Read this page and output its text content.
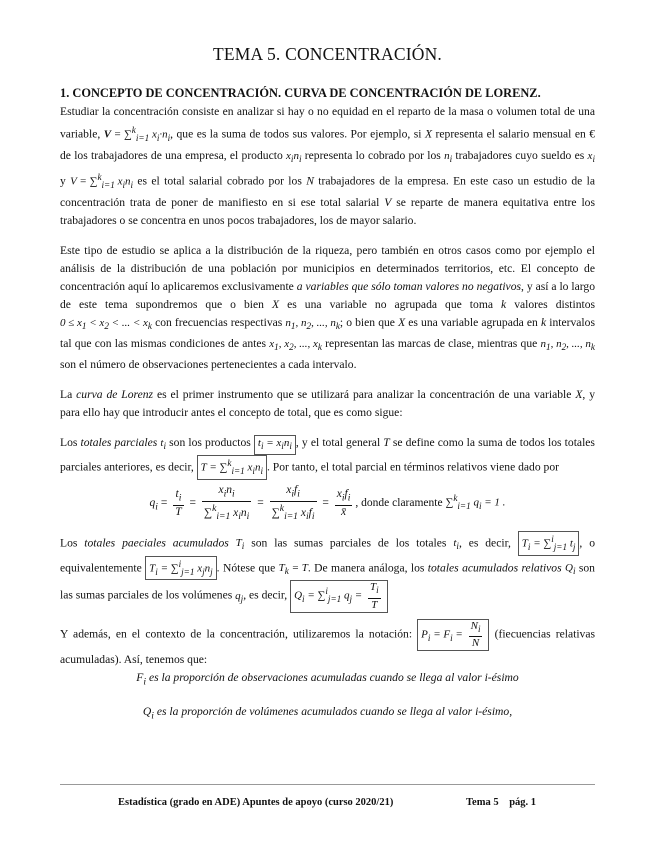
TEMA 5. CONCENTRACIÓN.

1. CONCEPTO DE CONCENTRACIÓN. CURVA DE CONCENTRACIÓN DE LORENZ.
Estudiar la concentración consiste en analizar si hay o no equidad en el reparto de la masa o volumen total de una variable, V = ∑$^k_{i=1}$ $x_i\cdot n_i$, que es la suma de todos sus valores. Por ejemplo, si X representa el salario mensual en € de los trabajadores de una empresa, el producto $x_in_i$ representa lo cobrado por los $n_i$ trabajadores cuyo sueldo es $x_i$ y V = ∑$^k_{i=1}$ $x_in_i$ es el total salarial cobrado por los N trabajadores de la empresa. En este caso un estudio de la concentración trata de poner de manifiesto en si ese total salarial V se reparte de manera equitativa entre los trabajadores o se concentra en unos pocos trabajadores, los de mayor salario.

Este tipo de estudio se aplica a la distribución de la riqueza, pero también en otros casos como por ejemplo el análisis de la distribución de una población por municipios en determinados territorios, etc. El concepto de concentración aquí lo aplicaremos exclusivamente a variables que sólo toman valores no negativos, y así a lo largo de este tema supondremos que o bien X es una variable no agrupada que toma k valores distintos $0 \le x_1 < x_2$ < ... < $x_k$ con frecuencias respectivas $n_1$, $n_2$, ..., $n_k$; o bien que X es una variable agrupada en k intervalos tal que con las mismas condiciones de antes $x_1$, $x_2$, ..., $x_k$ representan las marcas de clase, mientras que $n_1$, $n_2$, ..., $n_k$ son el número de observaciones pertenecientes a cada intervalo.

La curva de Lorenz es el primer instrumento que se utilizará para analizar la concentración de una variable X, y para ello hay que introducir antes el concepto de total, que es como sigue:

Los totales parciales $t_i$ son los productos $t_i = x_in_i$ , y el total general T se define como la suma de todos los totales parciales anteriores, es decir, T = ∑$^k_{i=1}$ $x_in_i$ . Por tanto, el total parcial en términos relativos viene dado por

$q_i = \frac{t_i}{T} = \frac{x_in_i}{\sum^k_{i=1} x_in_i} = \frac{x_if_i}{\sum^k_{i=1} x_if_i} = \frac{x_if_i}{x̄}$ , donde claramente ∑$^k_{i=1}$ $q_i = 1$ .

Los totales paeciales acumulados $T_i$ son las sumas parciales de los totales $t_i$, es decir, $T_i = \sum^i_{j=1}$ $t_j$ , o equivalentemente $T_i = \sum^i_{j=1}$ $x_jn_j$ . Nótese que $T_k = T$. De manera análoga, los totales acumulados relativos $Q_i$ son las sumas parciales de los volúmenes $q_j$, es decir, $Q_i = \sum^i_{j=1}$ $q_j = \frac{T_i}{T}$

Y además, en el contexto de la concentración, utilizaremos la notación: $P_i = F_i = \frac{N_i}{N}$ (fiecuencias relativas acumuladas). Así, tenemos que:

$F_i$ es la proporción de observaciones acumuladas cuando se llega al valor i-ésimo

$Q_i$ es la proporción de volúmenes acumulados cuando se llega al valor i-ésimo,

Estadística (grado en ADE) Apuntes de apoyo (curso 2020/21)	Tema 5 pág. 1
